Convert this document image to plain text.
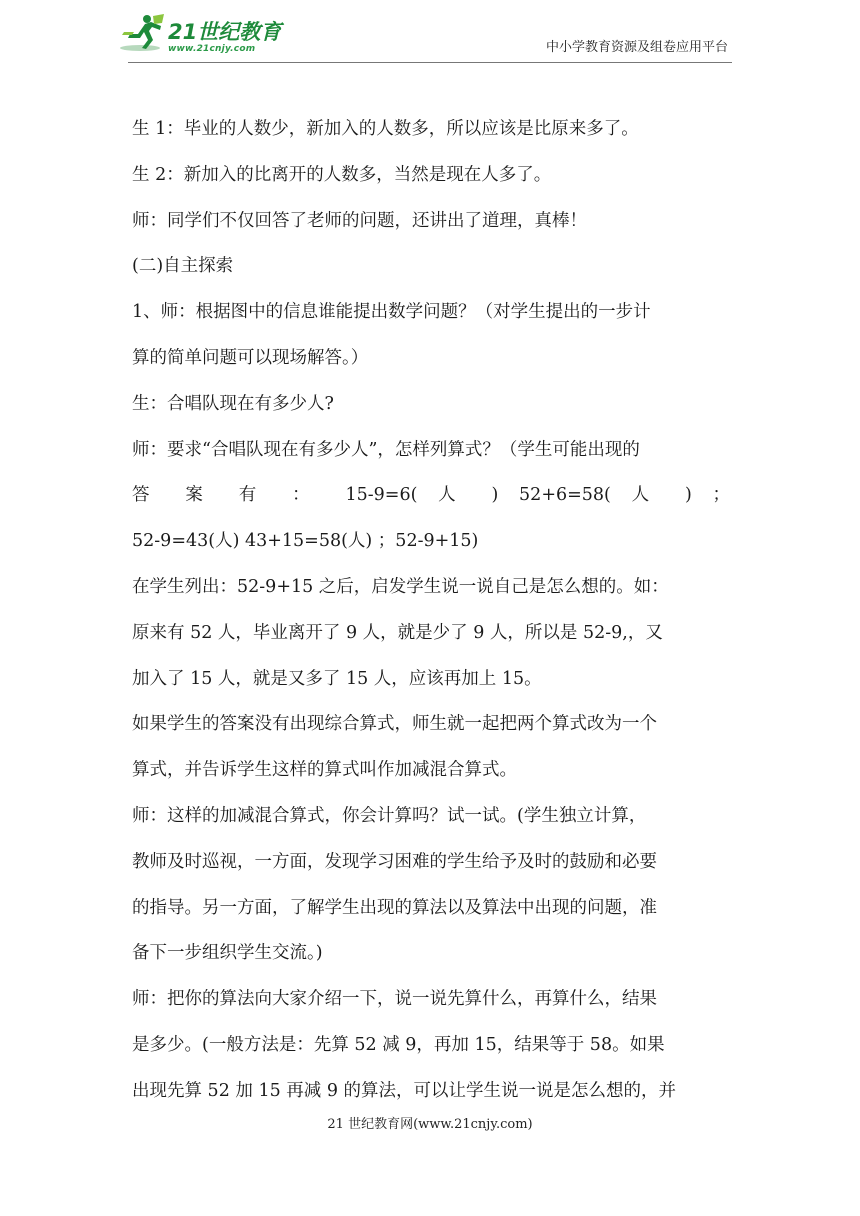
21世纪教育
www.21cnjy.com	中小学教育资源及组卷应用平台
生 1：毕业的人数少，新加入的人数多，所以应该是比原来多了。
生 2：新加入的比离开的人数多，当然是现在人多了。
师：同学们不仅回答了老师的问题，还讲出了道理，真棒！
(二)自主探索
1、师：根据图中的信息谁能提出数学问题？（对学生提出的一步计
算的简单问题可以现场解答。）
生：合唱队现在有多少人?
师：要求“合唱队现在有多少人”，怎样列算式？（学生可能出现的
答 案 有 ： 15-9=6( 人 ) 52+6=58( 人 ) ；
52-9=43(人) 43+15=58(人) ；52-9+15)
在学生列出：52-9+15 之后，启发学生说一说自己是怎么想的。如：
原来有 52 人，毕业离开了 9 人，就是少了 9 人，所以是 52-9,，又
加入了 15 人，就是又多了 15 人，应该再加上 15。
如果学生的答案没有出现综合算式，师生就一起把两个算式改为一个
算式，并告诉学生这样的算式叫作加减混合算式。
师：这样的加减混合算式，你会计算吗？试一试。(学生独立计算，
教师及时巡视，一方面，发现学习困难的学生给予及时的鼓励和必要
的指导。另一方面，了解学生出现的算法以及算法中出现的问题，准
备下一步组织学生交流。)
师：把你的算法向大家介绍一下，说一说先算什么，再算什么，结果
是多少。(一般方法是：先算 52 减 9，再加 15，结果等于 58。如果
出现先算 52 加 15 再减 9 的算法，可以让学生说一说是怎么想的，并
21 世纪教育网(www.21cnjy.com)
